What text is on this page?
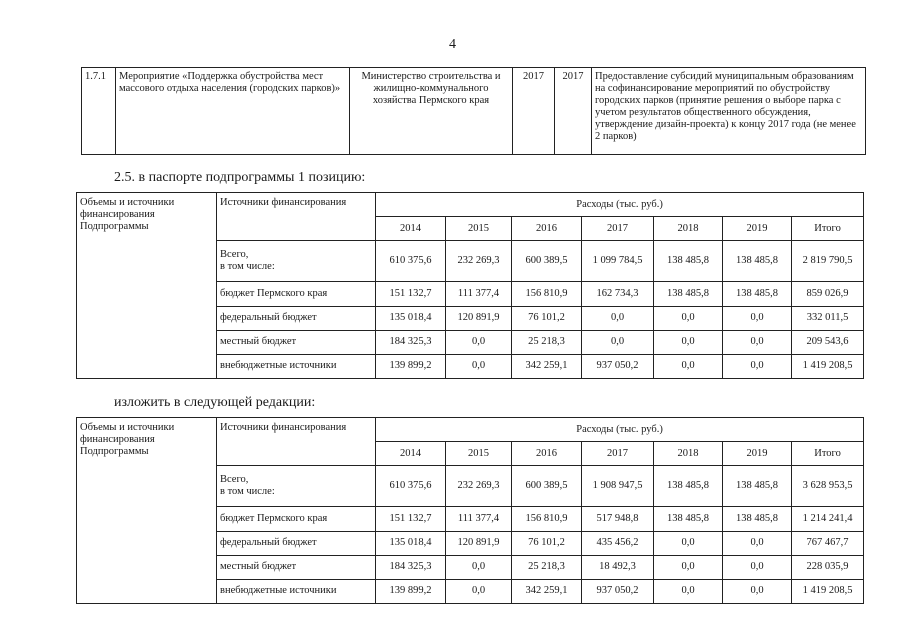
4
1.7.1	Мероприятие «Поддержка обустройства мест массового отдыха населения (городских парков)»	Министерство строительства и жилищно-коммунального хозяйства Пермского края	2017	2017	Предоставление субсидий муниципальным образованиям на софинансирование мероприятий по обустройству городских парков (принятие решения о выборе парка с учетом результатов общественного обсуждения, утверждение дизайн-проекта) к концу 2017 года (не менее 2 парков)
2.5. в паспорте подпрограммы 1 позицию:
Объемы и источники финансирования Подпрограммы	Источники финансирования	Расходы (тыс. руб.)						
		2014	2015	2016	2017	2018	2019	Итого
	Всего,
в том числе:	610 375,6	232 269,3	600 389,5	1 099 784,5	138 485,8	138 485,8	2 819 790,5
	бюджет Пермского края	151 132,7	111 377,4	156 810,9	162 734,3	138 485,8	138 485,8	859 026,9
	федеральный бюджет	135 018,4	120 891,9	76 101,2	0,0	0,0	0,0	332 011,5
	местный бюджет	184 325,3	0,0	25 218,3	0,0	0,0	0,0	209 543,6
	внебюджетные источники	139 899,2	0,0	342 259,1	937 050,2	0,0	0,0	1 419 208,5
изложить в следующей редакции:
Объемы и источники финансирования Подпрограммы	Источники финансирования	Расходы (тыс. руб.)						
		2014	2015	2016	2017	2018	2019	Итого
	Всего,
в том числе:	610 375,6	232 269,3	600 389,5	1 908 947,5	138 485,8	138 485,8	3 628 953,5
	бюджет Пермского края	151 132,7	111 377,4	156 810,9	517 948,8	138 485,8	138 485,8	1 214 241,4
	федеральный бюджет	135 018,4	120 891,9	76 101,2	435 456,2	0,0	0,0	767 467,7
	местный бюджет	184 325,3	0,0	25 218,3	18 492,3	0,0	0,0	228 035,9
	внебюджетные источники	139 899,2	0,0	342 259,1	937 050,2	0,0	0,0	1 419 208,5
